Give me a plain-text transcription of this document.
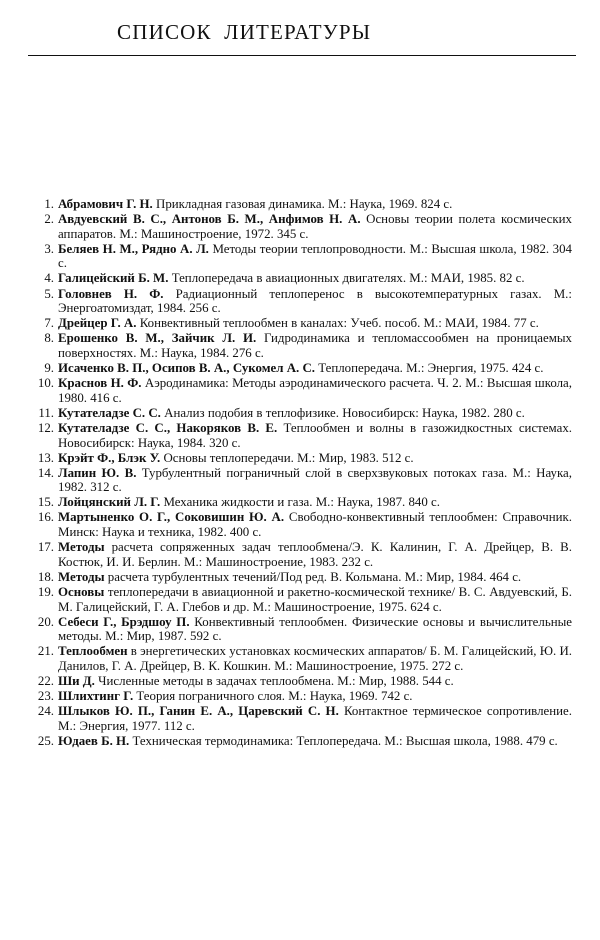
СПИСОК ЛИТЕРАТУРЫ
1. Абрамович Г. Н. Прикладная газовая динамика. М.: Наука, 1969. 824 с.
2. Авдуевский В. С., Антонов Б. М., Анфимов Н. А. Основы теории полета космических аппаратов. М.: Машиностроение, 1972. 345 с.
3. Беляев Н. М., Рядно А. Л. Методы теории теплопроводности. М.: Высшая школа, 1982. 304 с.
4. Галицейский Б. М. Теплопередача в авиационных двигателях. М.: МАИ, 1985. 82 с.
5. Головнев Н. Ф. Радиационный теплоперенос в высокотемпературных газах. М.: Энергоатомиздат, 1984. 256 с.
7. Дрейцер Г. А. Конвективный теплообмен в каналах: Учеб. пособ. М.: МАИ, 1984. 77 с.
8. Ерошенко В. М., Зайчик Л. И. Гидродинамика и тепломассообмен на проницаемых поверхностях. М.: Наука, 1984. 276 с.
9. Исаченко В. П., Осипов В. А., Сукомел А. С. Теплопередача. М.: Энергия, 1975. 424 с.
10. Краснов Н. Ф. Аэродинамика: Методы аэродинамического расчета. Ч. 2. М.: Высшая школа, 1980. 416 с.
11. Кутателадзе С. С. Анализ подобия в теплофизике. Новосибирск: Наука, 1982. 280 с.
12. Кутателадзе С. С., Накоряков В. Е. Теплообмен и волны в газожидкостных системах. Новосибирск: Наука, 1984. 320 с.
13. Крэйт Ф., Блэк У. Основы теплопередачи. М.: Мир, 1983. 512 с.
14. Лапин Ю. В. Турбулентный пограничный слой в сверхзвуковых потоках газа. М.: Наука, 1982. 312 с.
15. Лойцянский Л. Г. Механика жидкости и газа. М.: Наука, 1987. 840 с.
16. Мартыненко О. Г., Соковишин Ю. А. Свободно-конвективный теплообмен: Справочник. Минск: Наука и техника, 1982. 400 с.
17. Методы расчета сопряженных задач теплообмена/Э. К. Калинин, Г. А. Дрейцер, В. В. Костюк, И. И. Берлин. М.: Машиностроение, 1983. 232 с.
18. Методы расчета турбулентных течений/Под ред. В. Кольмана. М.: Мир, 1984. 464 с.
19. Основы теплопередачи в авиационной и ракетно-космической технике/ В. С. Авдуевский, Б. М. Галицейский, Г. А. Глебов и др. М.: Машиностроение, 1975. 624 с.
20. Себеси Г., Брэдшоу П. Конвективный теплообмен. Физические основы и вычислительные методы. М.: Мир, 1987. 592 с.
21. Теплообмен в энергетических установках космических аппаратов/ Б. М. Галицейский, Ю. И. Данилов, Г. А. Дрейцер, В. К. Кошкин. М.: Машиностроение, 1975. 272 с.
22. Ши Д. Численные методы в задачах теплообмена. М.: Мир, 1988. 544 с.
23. Шлихтинг Г. Теория пограничного слоя. М.: Наука, 1969. 742 с.
24. Шлыков Ю. П., Ганин Е. А., Царевский С. Н. Контактное термическое сопротивление. М.: Энергия, 1977. 112 с.
25. Юдаев Б. Н. Техническая термодинамика: Теплопередача. М.: Высшая школа, 1988. 479 с.
